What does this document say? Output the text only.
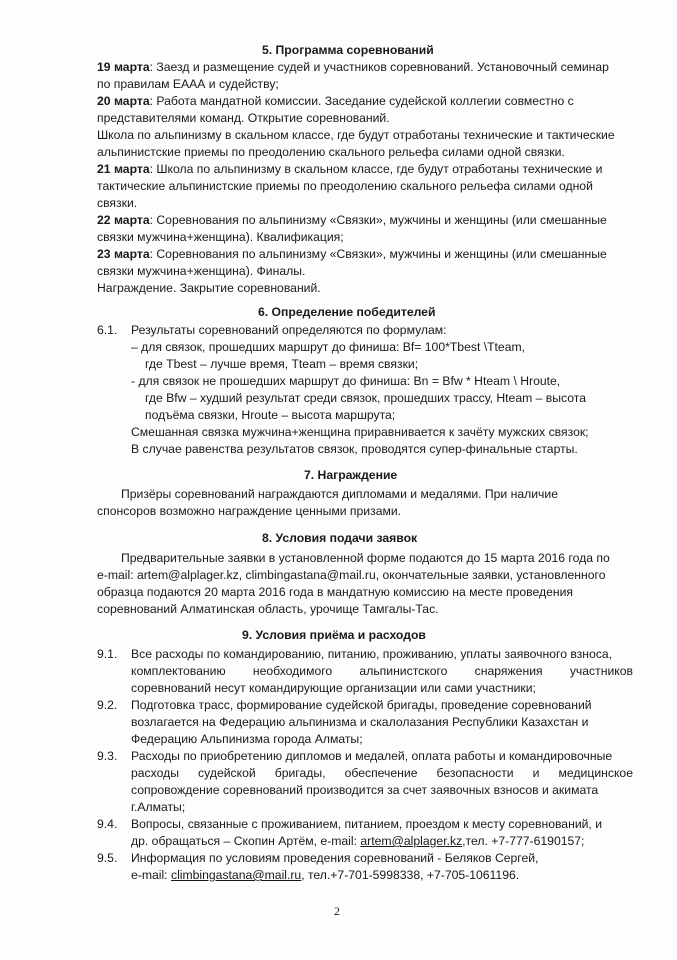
5. Программа соревнований
19 марта: Заезд и размещение судей и участников соревнований. Установочный семинар
по правилам ЕААА и судейству;
20 марта: Работа мандатной комиссии. Заседание судейской коллегии совместно с
представителями команд. Открытие соревнований.
Школа по альпинизму в скальном классе, где будут отработаны технические и тактические
альпинистские приемы по преодолению скального рельефа силами одной связки.
21 марта: Школа по альпинизму в скальном классе, где будут отработаны технические и
тактические альпинистские приемы по преодолению скального рельефа силами одной
связки.
22 марта: Соревнования по альпинизму «Связки», мужчины и женщины (или смешанные
связки мужчина+женщина). Квалификация;
23 марта: Соревнования по альпинизму «Связки», мужчины и женщины (или смешанные
связки мужчина+женщина). Финалы.
Награждение. Закрытие соревнований.
6. Определение победителей
6.1. Результаты соревнований определяются по формулам:
– для связок, прошедших маршрут до финиша: Bf= 100*Tbest \Tteam,
где Tbest – лучше время, Tteam – время связки;
- для связок не прошедших маршрут до финиша: Bn = Bfw * Hteam \ Hroute,
где Bfw – худший результат среди связок, прошедших трассу, Hteam – высота
подъёма связки, Hroute – высота маршрута;
Смешанная связка мужчина+женщина приравнивается к зачёту мужских связок;
В случае равенства результатов связок, проводятся супер-финальные старты.
7. Награждение
Призёры соревнований награждаются дипломами и медалями. При наличие
спонсоров возможно награждение ценными призами.
8. Условия подачи заявок
Предварительные заявки в установленной форме подаются до 15 марта 2016 года по
e-mail: artem@alplager.kz, climbingastana@mail.ru, окончательные заявки, установленного
образца подаются 20 марта 2016 года в мандатную комиссию на месте проведения
соревнований Алматинская область, урочище Тамгалы-Тас.
9. Условия приёма и расходов
9.1. Все расходы по командированию, питанию, проживанию, уплаты заявочного взноса,
комплектованию необходимого альпинистского снаряжения участников
соревнований несут командирующие организации или сами участники;
9.2. Подготовка трасс, формирование судейской бригады, проведение соревнований
возлагается на Федерацию альпинизма и скалолазания Республики Казахстан и
Федерацию Альпинизма города Алматы;
9.3. Расходы по приобретению дипломов и медалей, оплата работы и командировочные
расходы судейской бригады, обеспечение безопасности и медицинское
сопровождение соревнований производится за счет заявочных взносов и акимата
г.Алматы;
9.4. Вопросы, связанные с проживанием, питанием, проездом к месту соревнований, и
др. обращаться – Скопин Артём, e-mail: artem@alplager.kz,тел. +7-777-6190157;
9.5. Информация по условиям проведения соревнований - Беляков Сергей,
e-mail: climbingastana@mail.ru, тел.+7-701-5998338, +7-705-1061196.
2
